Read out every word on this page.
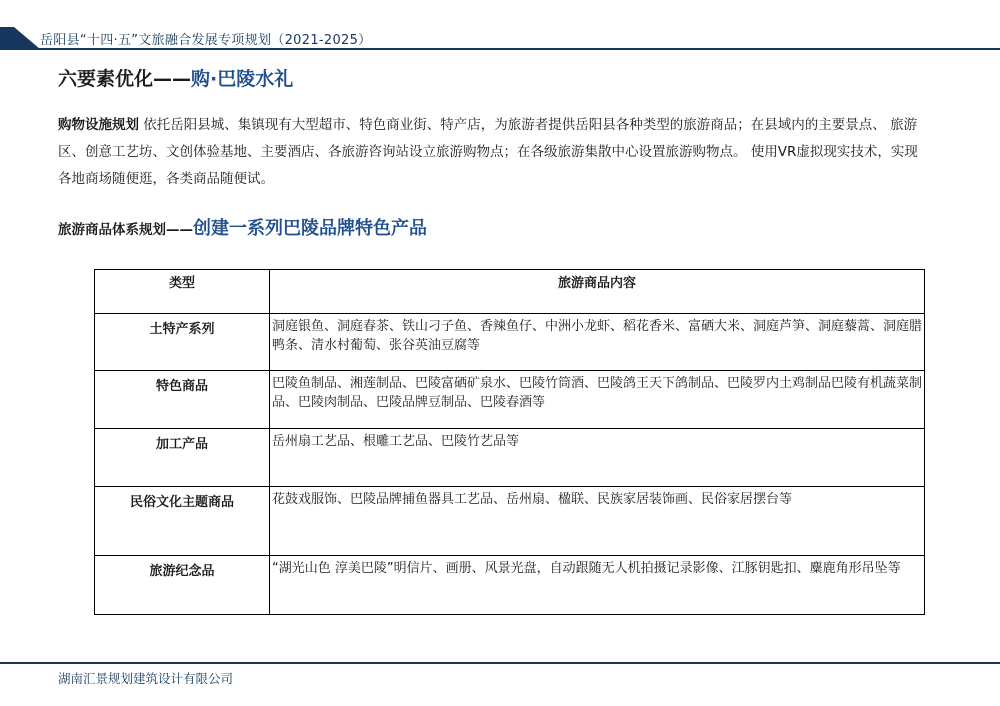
岳阳县“十四·五”文旅融合发展专项规划（2021-2025）
六要素优化——购·巴陵水礼
购物设施规划 依托岳阳县城、集镇现有大型超市、特色商业街、特产店，为旅游者提供岳阳县各种类型的旅游商品；在县域内的主要景点、 旅游区、创意工艺坊、文创体验基地、主要酒店、各旅游咨询站设立旅游购物点；在各级旅游集散中心设置旅游购物点。 使用VR虚拟现实技术，实现各地商场随便逛，各类商品随便试。
旅游商品体系规划——创建一系列巴陵品牌特色产品
类型	旅游商品内容
土特产系列	洞庭银鱼、洞庭春茶、铁山刁子鱼、香辣鱼仔、中洲小龙虾、稻花香米、富硒大米、洞庭芦笋、洞庭藜蒿、洞庭腊鸭条、清水村葡萄、张谷英油豆腐等
特色商品	巴陵鱼制品、湘莲制品、巴陵富硒矿泉水、巴陵竹筒酒、巴陵鸽王天下鸽制品、巴陵罗内土鸡制品巴陵有机蔬菜制品、巴陵肉制品、巴陵品牌豆制品、巴陵春酒等
加工产品	岳州扇工艺品、根雕工艺品、巴陵竹艺品等
民俗文化主题商品	花鼓戏服饰、巴陵品牌捕鱼器具工艺品、岳州扇、楹联、民族家居装饰画、民俗家居摆台等
旅游纪念品	“湖光山色 淳美巴陵”明信片、画册、风景光盘，自动跟随无人机拍摄记录影像、江豚钥匙扣、麋鹿角形吊坠等
湖南汇景规划建筑设计有限公司
